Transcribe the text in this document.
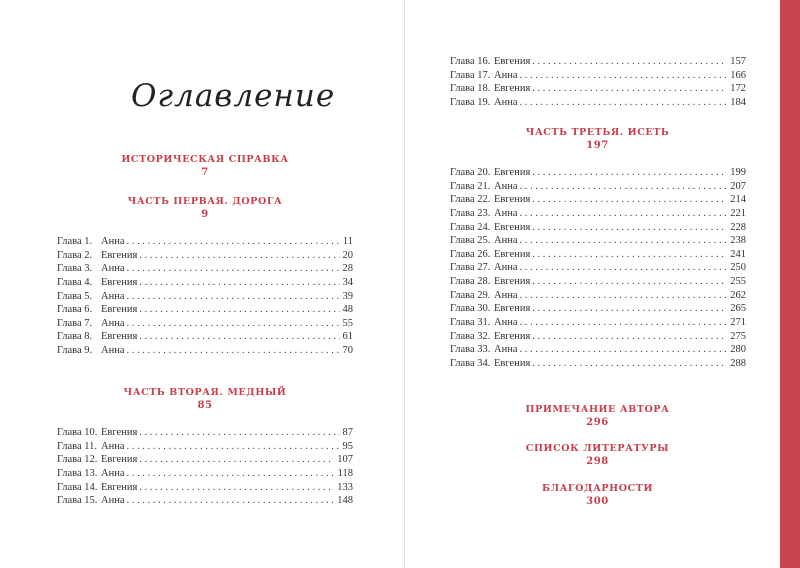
Оглавление
ИСТОРИЧЕСКАЯ СПРАВКА
7
ЧАСТЬ ПЕРВАЯ. ДОРОГА
9
Глава 1. Анна . . .	11
Глава 2. Евгения . . .	20
Глава 3. Анна . . .	28
Глава 4. Евгения . . .	34
Глава 5. Анна . . .	39
Глава 6. Евгения . . .	48
Глава 7. Анна . . .	55
Глава 8. Евгения . . .	61
Глава 9. Анна . . .	70
ЧАСТЬ ВТОРАЯ. МЕДНЫЙ
85
Глава 10. Евгения . . .	87
Глава 11. Анна . . .	95
Глава 12. Евгения . . .	107
Глава 13. Анна . . .	118
Глава 14. Евгения . . .	133
Глава 15. Анна . . .	148
Глава 16. Евгения . . .	157
Глава 17. Анна . . .	166
Глава 18. Евгения . . .	172
Глава 19. Анна . . .	184
ЧАСТЬ ТРЕТЬЯ. ИСЕТЬ
197
Глава 20. Евгения . . .	199
Глава 21. Анна . . .	207
Глава 22. Евгения . . .	214
Глава 23. Анна . . .	221
Глава 24. Евгения . . .	228
Глава 25. Анна . . .	238
Глава 26. Евгения . . .	241
Глава 27. Анна . . .	250
Глава 28. Евгения . . .	255
Глава 29. Анна . . .	262
Глава 30. Евгения . . .	265
Глава 31. Анна . . .	271
Глава 32. Евгения . . .	275
Глава 33. Анна . . .	280
Глава 34. Евгения . . .	288
ПРИМЕЧАНИЕ АВТОРА
296
СПИСОК ЛИТЕРАТУРЫ
298
БЛАГОДАРНОСТИ
300
